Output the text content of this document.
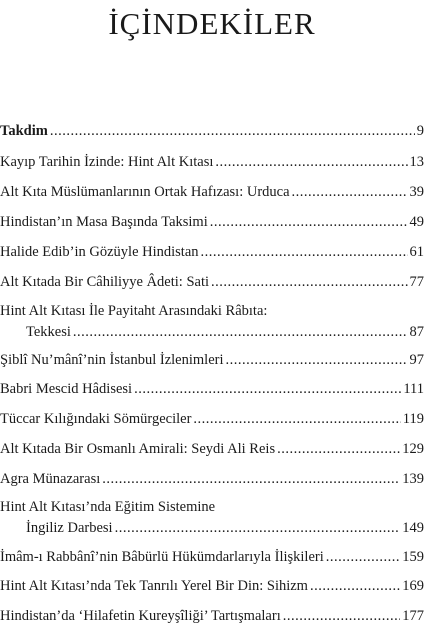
İÇİNDEKİLER
Takdim .....	9
Kayıp Tarihin İzinde: Hint Alt Kıtası .....	13
Alt Kıta Müslümanlarının Ortak Hafızası: Urduca .....	39
Hindistan’ın Masa Başında Taksimi .....	49
Halide Edib’in Gözüyle Hindistan .....	61
Alt Kıtada Bir Câhiliyye Âdeti: Sati .....	77
Hint Alt Kıtası İle Payitaht Arasındaki Râbıta:
Tekkesi .....	87
Şiblî Nu’mânî’nin İstanbul İzlenimleri .....	97
Babri Mescid Hâdisesi .....	111
Tüccar Kılığındaki Sömürgeciler .....	119
Alt Kıtada Bir Osmanlı Amirali: Seydi Ali Reis .....	129
Agra Münazarası .....	139
Hint Alt Kıtası’nda Eğitim Sistemine
İngiliz Darbesi .....	149
İmâm-ı Rabbânî’nin Bâbürlü Hükümdarlarıyla İlişkileri .....	159
Hint Alt Kıtası’nda Tek Tanrılı Yerel Bir Din: Sihizm .....	169
Hindistan’da ‘Hilafetin Kureyşîliği’ Tartışmaları .....	177
